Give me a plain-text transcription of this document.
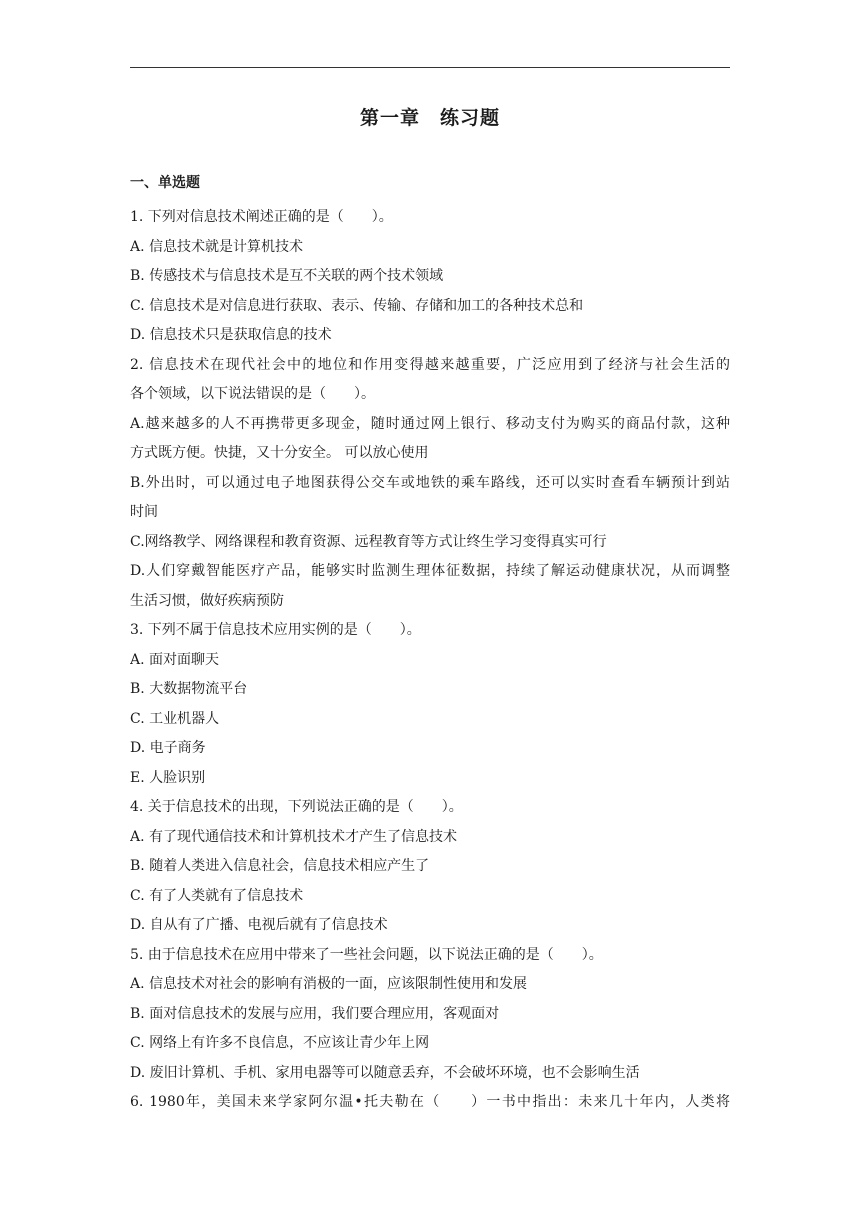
第一章　练习题
一、单选题
1. 下列对信息技术阐述正确的是（　　）。
A. 信息技术就是计算机技术
B. 传感技术与信息技术是互不关联的两个技术领域
C. 信息技术是对信息进行获取、表示、传输、存储和加工的各种技术总和
D. 信息技术只是获取信息的技术
2. 信息技术在现代社会中的地位和作用变得越来越重要，广泛应用到了经济与社会生活的
各个领域，以下说法错误的是（　　）。
A.越来越多的人不再携带更多现金，随时通过网上银行、移动支付为购买的商品付款，这种
方式既方便。快捷，又十分安全。 可以放心使用
B.外出时，可以通过电子地图获得公交车或地铁的乘车路线，还可以实时查看车辆预计到站
时间
C.网络教学、网络课程和教育资源、远程教育等方式让终生学习变得真实可行
D.人们穿戴智能医疗产品，能够实时监测生理体征数据，持续了解运动健康状况，从而调整
生活习惯，做好疾病预防
3. 下列不属于信息技术应用实例的是（　　）。
A. 面对面聊天
B. 大数据物流平台
C. 工业机器人
D. 电子商务
E. 人脸识别
4. 关于信息技术的出现，下列说法正确的是（　　）。
A. 有了现代通信技术和计算机技术才产生了信息技术
B. 随着人类进入信息社会，信息技术相应产生了
C. 有了人类就有了信息技术
D. 自从有了广播、电视后就有了信息技术
5. 由于信息技术在应用中带来了一些社会问题，以下说法正确的是（　　）。
A. 信息技术对社会的影响有消极的一面，应该限制性使用和发展
B. 面对信息技术的发展与应用，我们要合理应用，客观面对
C. 网络上有许多不良信息，不应该让青少年上网
D. 废旧计算机、手机、家用电器等可以随意丢弃，不会破坏环境，也不会影响生活
6. 1980年，美国未来学家阿尔温•托夫勒在（　　）一书中指出：未来几十年内，人类将
